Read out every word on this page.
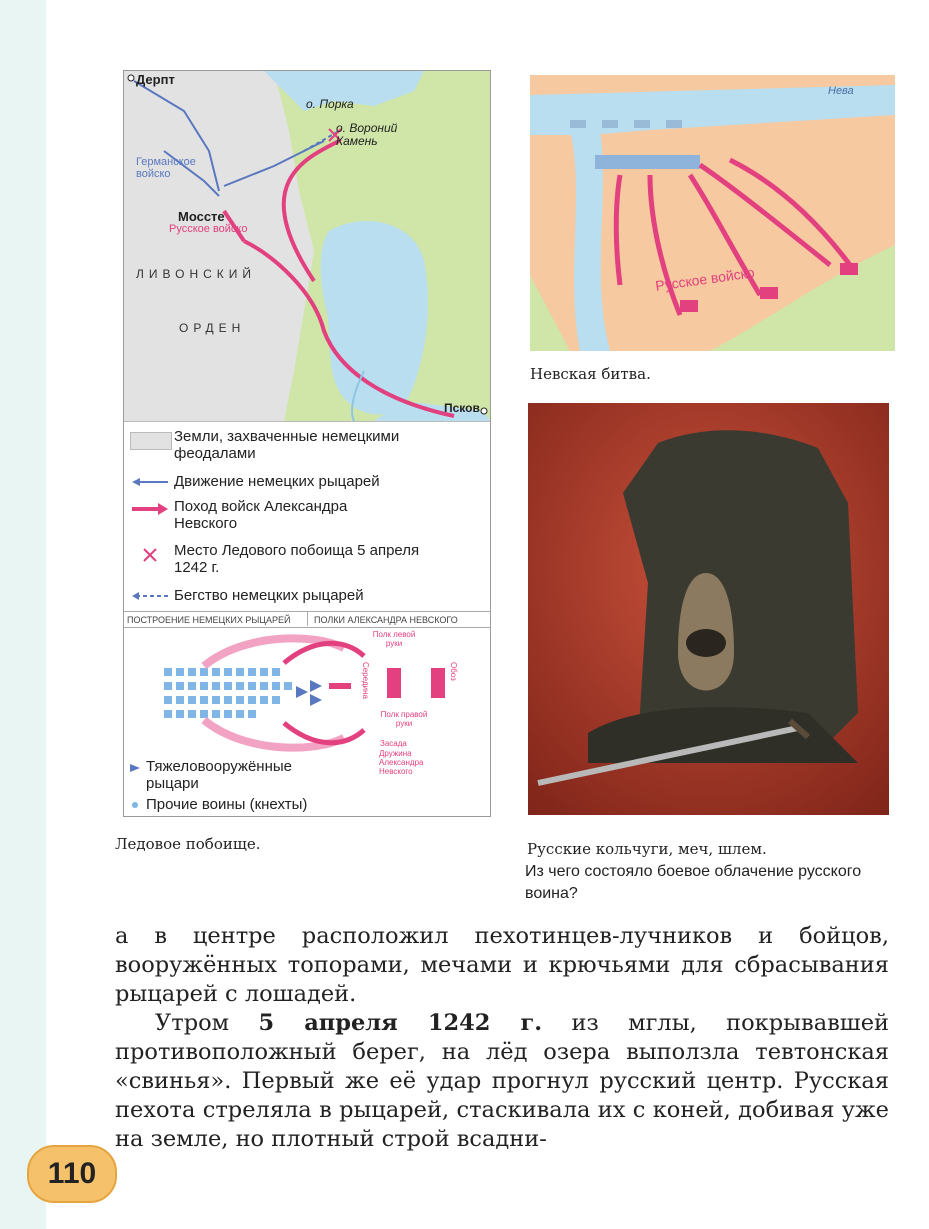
Дерпт
о. Порка
о. Вороний
Камень
Германское войско
Моссте
Русское войско
ЛИВОНСКИЙ
ОРДЕН
Псков
Земли, захваченные немецкими феодалами
Движение немецких рыцарей
Поход войск Александра Невского
Место Ледового побоища 5 апреля 1242 г.
Бегство немецких рыцарей
ПОСТРОЕНИЕ НЕМЕЦКИХ РЫЦАРЕЙ	ПОЛКИ АЛЕКСАНДРА НЕВСКОГО
Полк левой руки
Середина	Обоз
Полк правой руки
Засада
Дружина Александра Невского
Тяжеловооружённые рыцари
Прочие воины (кнехты)
Ледовое побоище.
Нева
Русское войско
Невская битва.
Русские кольчуги, меч, шлем.
Из чего состояло боевое облачение русского воина?

а в центре расположил пехотинцев-лучников и бойцов, вооружённых топорами, мечами и крючьями для сбрасывания рыцарей с лошадей.

Утром 5 апреля 1242 г. из мглы, покрывавшей противоположный берег, на лёд озера выползла тевтонская «свинья». Первый же её удар прогнул русский центр. Русская пехота стреляла в рыцарей, стаскивала их с коней, добивая уже на земле, но плотный строй всадни-

110
